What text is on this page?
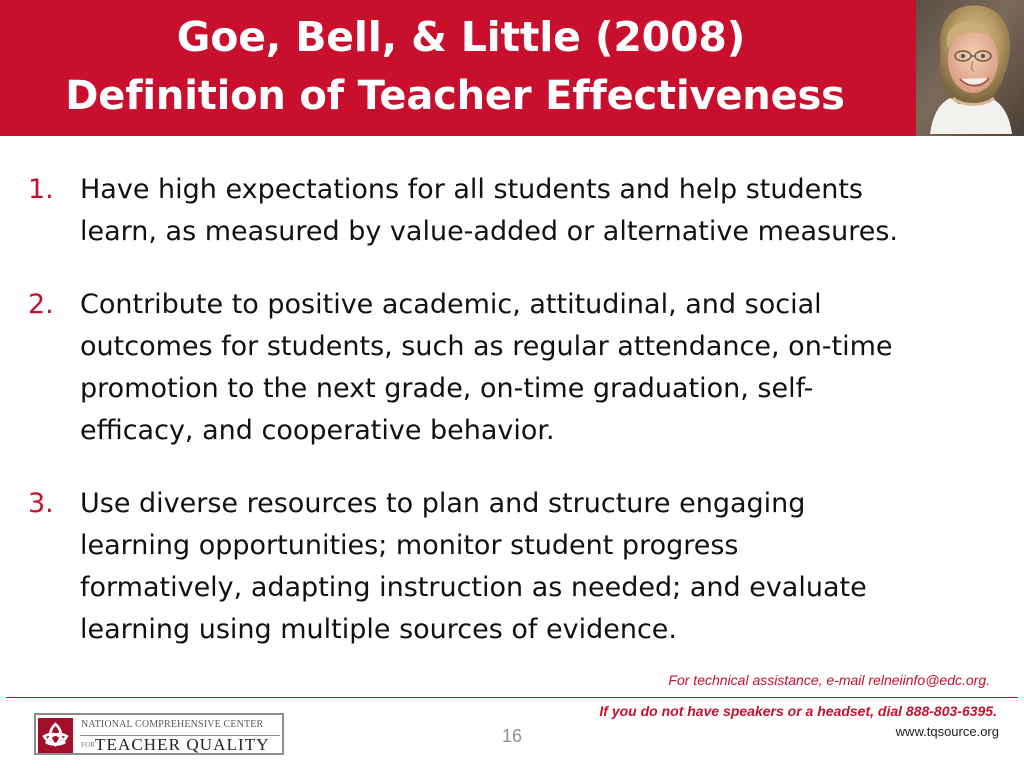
Goe, Bell, & Little (2008)
Definition of Teacher Effectiveness
1. Have high expectations for all students and help students
learn, as measured by value-added or alternative measures.
2. Contribute to positive academic, attitudinal, and social
outcomes for students, such as regular attendance, on-time
promotion to the next grade, on-time graduation, self-
efficacy, and cooperative behavior.
3. Use diverse resources to plan and structure engaging
learning opportunities; monitor student progress
formatively, adapting instruction as needed; and evaluate
learning using multiple sources of evidence.
For technical assistance, e-mail relneiinfo@edc.org.
NATIONAL COMPREHENSIVE CENTER
FOR TEACHER QUALITY
If you do not have speakers or a headset, dial 888-803-6395.
16	www.tqsource.org
